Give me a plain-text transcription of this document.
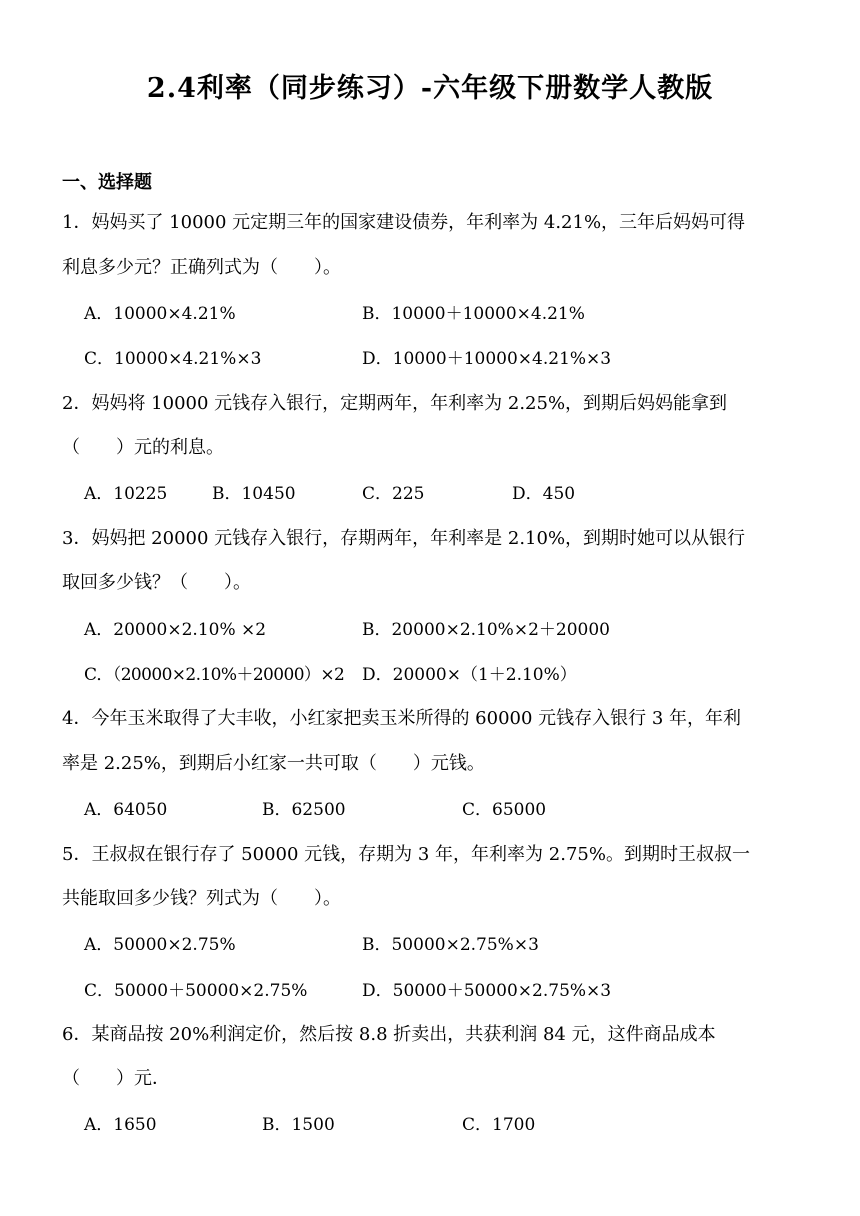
2.4利率（同步练习）-六年级下册数学人教版
一、选择题
1．妈妈买了 10000 元定期三年的国家建设债券，年利率为 4.21%，三年后妈妈可得
利息多少元？正确列式为（　　）。
A．10000×4.21%	B．10000＋10000×4.21%
C．10000×4.21%×3	D．10000＋10000×4.21%×3
2．妈妈将 10000 元钱存入银行，定期两年，年利率为 2.25%，到期后妈妈能拿到
（　　）元的利息。
A．10225	B．10450	C．225	D．450
3．妈妈把 20000 元钱存入银行，存期两年，年利率是 2.10%，到期时她可以从银行
取回多少钱？（　　）。
A．20000×2.10% ×2	B．20000×2.10%×2＋20000
C．（20000×2.10%＋20000）×2 D．20000×（1＋2.10%）
4．今年玉米取得了大丰收，小红家把卖玉米所得的 60000 元钱存入银行 3 年，年利
率是 2.25%，到期后小红家一共可取（　　）元钱。
A．64050	B．62500	C．65000
5．王叔叔在银行存了 50000 元钱，存期为 3 年，年利率为 2.75%。到期时王叔叔一
共能取回多少钱？列式为（　　）。
A．50000×2.75%	B．50000×2.75%×3
C．50000＋50000×2.75%	D．50000＋50000×2.75%×3
6．某商品按 20%利润定价，然后按 8.8 折卖出，共获利润 84 元，这件商品成本
（　　）元．
A．1650	B．1500	C．1700
